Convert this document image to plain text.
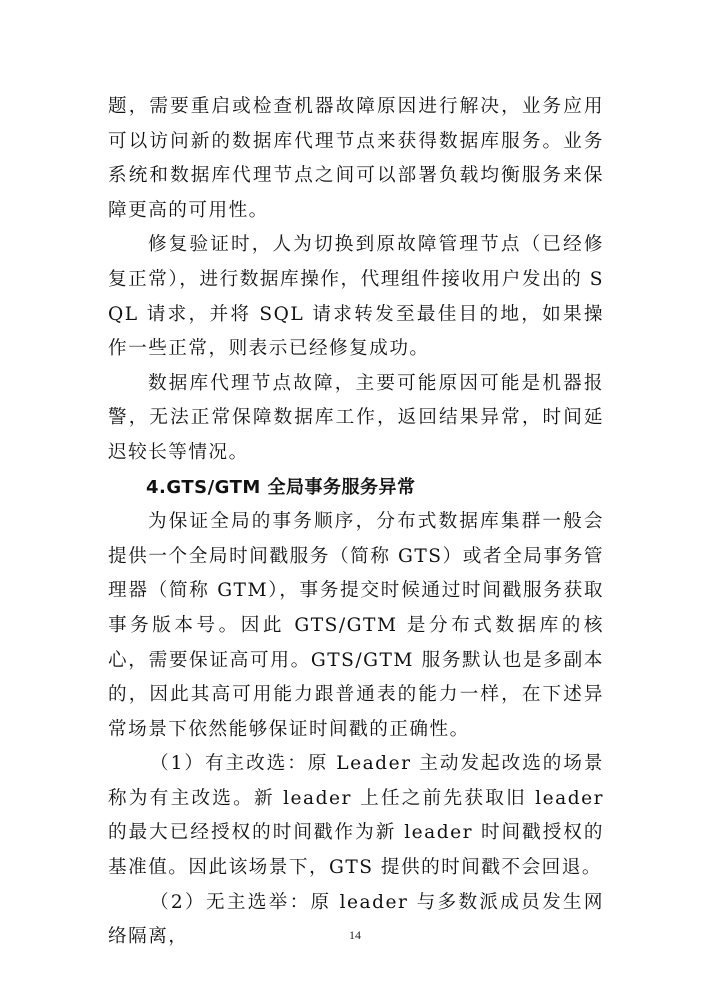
题，需要重启或检查机器故障原因进行解决，业务应用可以访问新的数据库代理节点来获得数据库服务。业务系统和数据库代理节点之间可以部署负载均衡服务来保障更高的可用性。

修复验证时，人为切换到原故障管理节点（已经修复正常），进行数据库操作，代理组件接收用户发出的 SQL 请求，并将 SQL 请求转发至最佳目的地，如果操作一些正常，则表示已经修复成功。

数据库代理节点故障，主要可能原因可能是机器报警，无法正常保障数据库工作，返回结果异常，时间延迟较长等情况。

4.GTS/GTM 全局事务服务异常

为保证全局的事务顺序，分布式数据库集群一般会提供一个全局时间戳服务（简称 GTS）或者全局事务管理器（简称 GTM），事务提交时候通过时间戳服务获取事务版本号。因此 GTS/GTM 是分布式数据库的核心，需要保证高可用。GTS/GTM 服务默认也是多副本的，因此其高可用能力跟普通表的能力一样，在下述异常场景下依然能够保证时间戳的正确性。

（1）有主改选：原 Leader 主动发起改选的场景称为有主改选。新 leader 上任之前先获取旧 leader 的最大已经授权的时间戳作为新 leader 时间戳授权的基准值。因此该场景下，GTS 提供的时间戳不会回退。

（2）无主选举：原 leader 与多数派成员发生网络隔离，	14
